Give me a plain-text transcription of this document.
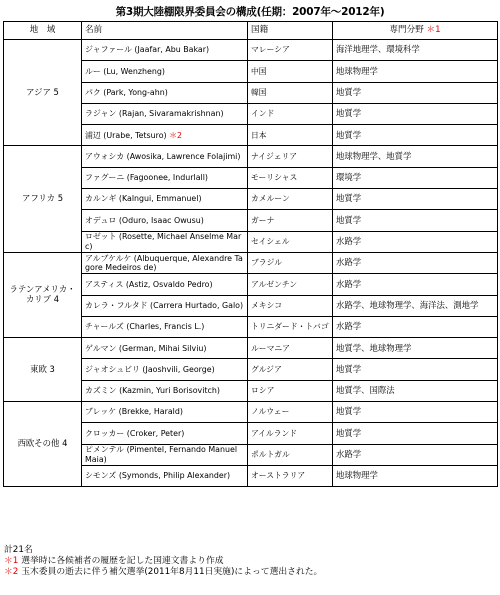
第3期大陸棚限界委員会の構成(任期：2007年～2012年)
地　域	名前	国籍	専門分野 ＊1
アジア 5	ジャファール (Jaafar, Abu Bakar)	マレーシア	海洋地理学、環境科学
	ルー (Lu, Wenzheng)	中国	地球物理学
	パク (Park, Yong-ahn)	韓国	地質学
	ラジャン (Rajan, Sivaramakrishnan)	インド	地質学
	浦辺 (Urabe, Tetsuro) ＊2	日本	地質学
アフリカ 5	アウォシカ (Awosika, Lawrence Folajimi)	ナイジェリア	地球物理学、地質学
	ファグーニ (Fagoonee, Indurlall)	モーリシャス	環境学
	カルンギ (Kalngui, Emmanuel)	カメルーン	地質学
	オデュロ (Oduro, Isaac Owusu)	ガーナ	地質学
	ロゼット (Rosette, Michael Anselme Marc)	セイシェル	水路学
ラテンアメリカ・カリブ 4	アルブケルケ (Albuquerque, Alexandre Tagore Medeiros de)	ブラジル	水路学
	アスティス (Astiz, Osvaldo Pedro)	アルゼンチン	水路学
	カレラ・フルタド (Carrera Hurtado, Galo)	メキシコ	水路学、地球物理学、海洋法、測地学
	チャールズ (Charles, Francis L.)	トリニダード・トバゴ	水路学
東欧 3	ゲルマン (German, Mihai Silviu)	ルーマニア	地質学、地球物理学
	ジャオシュビリ (Jaoshvili, George)	グルジア	地質学
	カズミン (Kazmin, Yuri Borisovitch)	ロシア	地質学、国際法
西欧その他 4	ブレッケ (Brekke, Harald)	ノルウェー	地質学
	クロッカー (Croker, Peter)	アイルランド	地質学
	ピメンテル (Pimentel, Fernando Manuel Maia)	ポルトガル	水路学
	シモンズ (Symonds, Philip Alexander)	オーストラリア	地球物理学
計21名
＊1 選挙時に各候補者の履歴を記した国連文書より作成
＊2 玉木委員の逝去に伴う補欠選挙(2011年8月11日実施)によって選出された。
